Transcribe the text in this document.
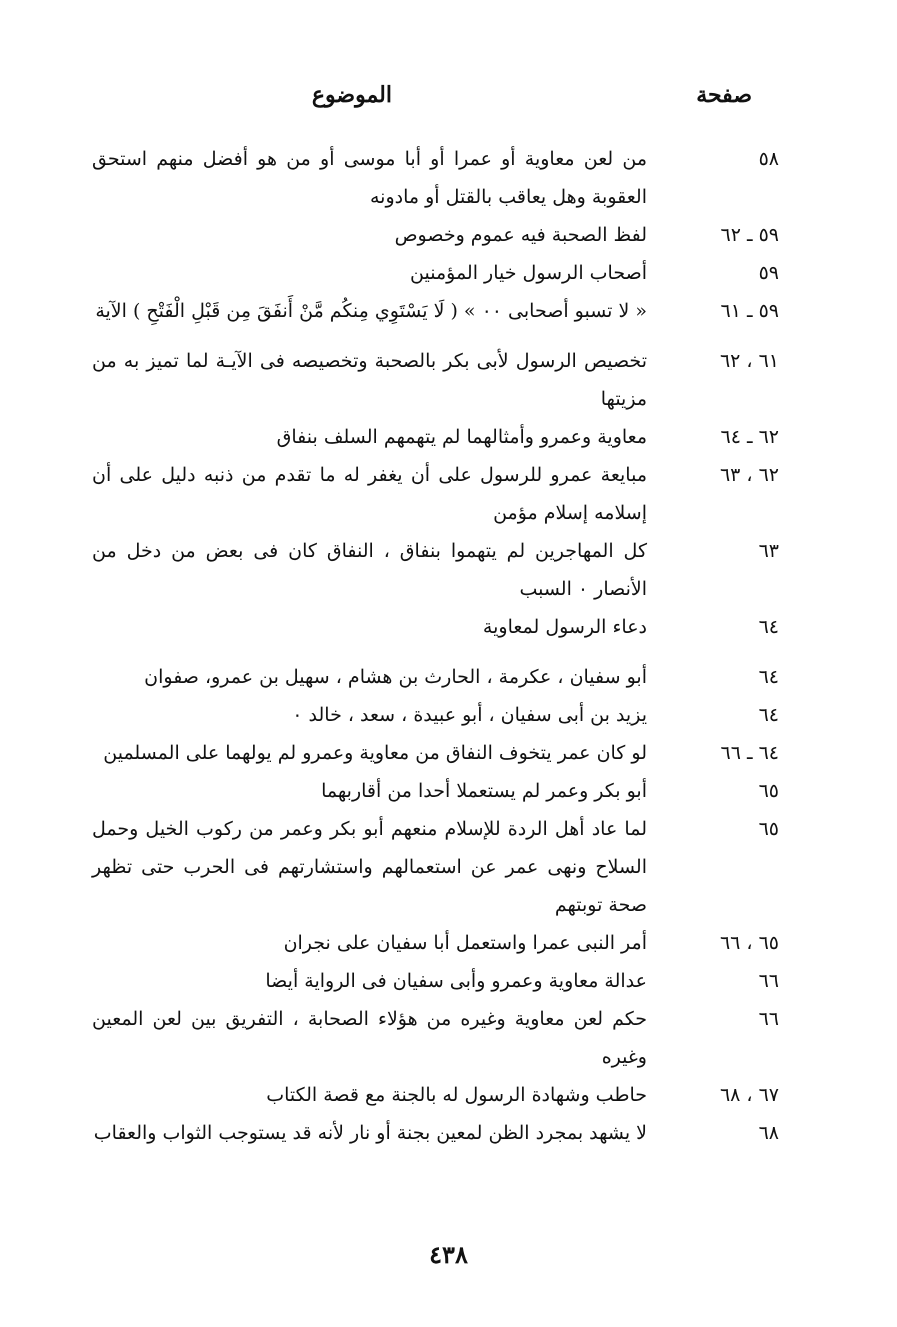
صفحة
الموضوع
٥٨
من لعن معاوية أو عمرا أو أبا موسى أو من هو أفضل منهم استحق العقوبة وهل يعاقب بالقتل أو مادونه
٥٩ ـ ٦٢
لفظ الصحبة فيه عموم وخصوص
٥٩
أصحاب الرسول خيار المؤمنين
٥٩ ـ ٦١
« لا تسبو أصحابى ٠٠ » ( لَا يَسْتَوِي مِنكُم مَّنْ أَنفَقَ مِن قَبْلِ الْفَتْحِ ) الآية
٦١ ، ٦٢
تخصيص الرسول لأبى بكر بالصحبة وتخصيصه فى الآيـة لما تميز به من مزيتها
٦٢ ـ ٦٤
معاوية وعمرو وأمثالهما لم يتهمهم السلف بنفاق
٦٢ ، ٦٣
مبايعة عمرو للرسول على أن يغفر له ما تقدم من ذنبه دليل على أن إسلامه إسلام مؤمن
٦٣
كل المهاجرين لم يتهموا بنفاق ، النفاق كان فى بعض من دخل من الأنصار ٠ السبب
٦٤
دعاء الرسول لمعاوية
٦٤
أبو سفيان ، عكرمة ، الحارث بن هشام ، سهيل بن عمرو، صفوان
٦٤
يزيد بن أبى سفيان ، أبو عبيدة ، سعد ، خالد ٠
٦٤ ـ ٦٦
لو كان عمر يتخوف النفاق من معاوية وعمرو لم يولهما على المسلمين
٦٥
أبو بكر وعمر لم يستعملا أحدا من أقاربهما
٦٥
لما عاد أهل الردة للإسلام منعهم أبو بكر وعمر من ركوب الخيل وحمل السلاح ونهى عمر عن استعمالهم واستشارتهم فى الحرب حتى تظهر صحة توبتهم
٦٥ ، ٦٦
أمر النبى عمرا واستعمل أبا سفيان على نجران
٦٦
عدالة معاوية وعمرو وأبى سفيان فى الرواية أيضا
٦٦
حكم لعن معاوية وغيره من هؤلاء الصحابة ، التفريق بين لعن المعين وغيره
٦٧ ، ٦٨
حاطب وشهادة الرسول له بالجنة مع قصة الكتاب
٦٨
لا يشهد بمجرد الظن لمعين بجنة أو نار لأنه قد يستوجب الثواب والعقاب
٤٣٨
